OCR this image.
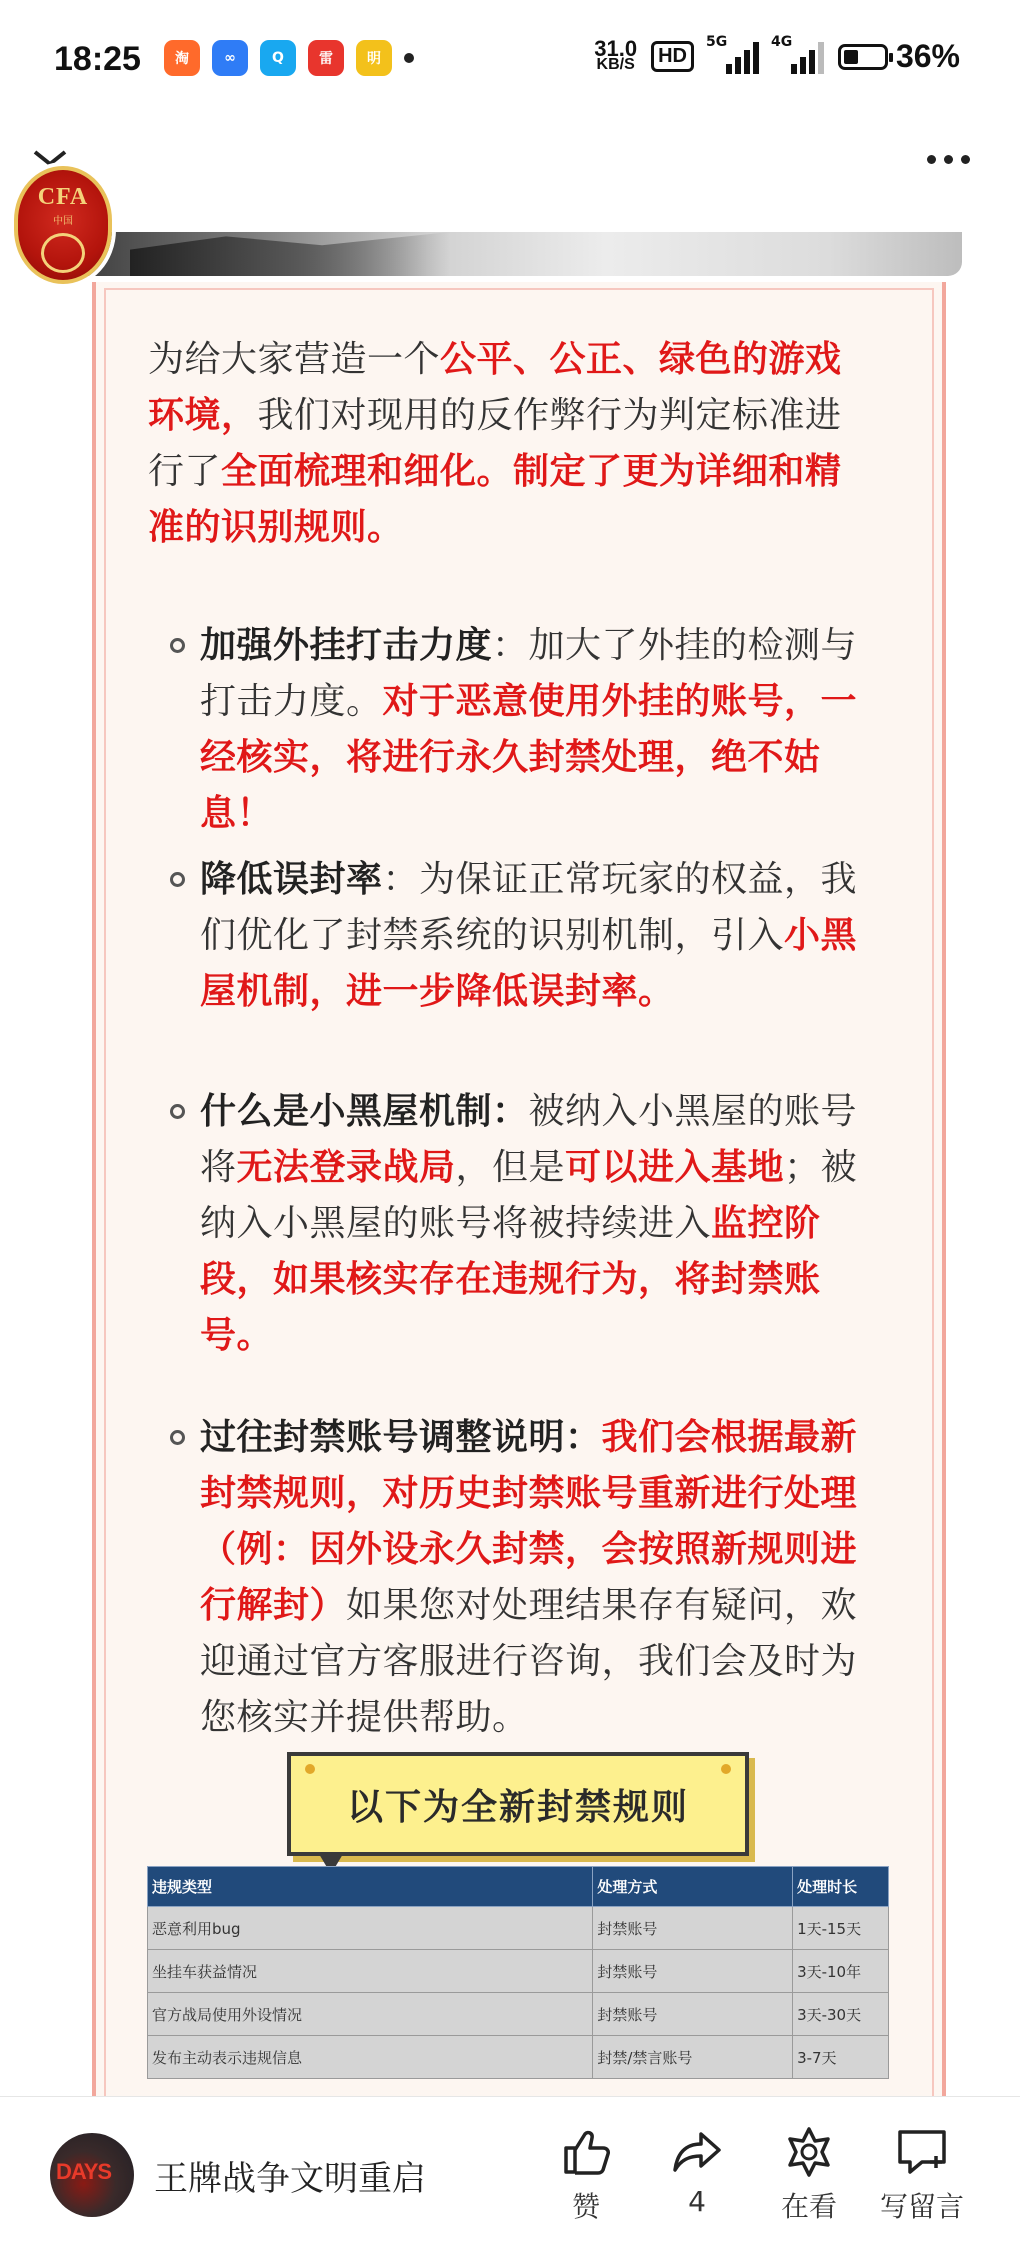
18:25	淘	∞	Q	雷	明	31.0
KB/S	HD
5G	4G	36%
CFA
中国
为给大家营造一个公平、公正、绿色的游戏环境，我们对现用的反作弊行为判定标准进行了全面梳理和细化。制定了更为详细和精准的识别规则。
加强外挂打击力度：加大了外挂的检测与打击力度。对于恶意使用外挂的账号，一经核实，将进行永久封禁处理，绝不姑息！
降低误封率：为保证正常玩家的权益，我们优化了封禁系统的识别机制，引入小黑屋机制，进一步降低误封率。
什么是小黑屋机制：被纳入小黑屋的账号将无法登录战局，但是可以进入基地；被纳入小黑屋的账号将被持续进入监控阶段，如果核实存在违规行为，将封禁账号。
过往封禁账号调整说明：我们会根据最新封禁规则，对历史封禁账号重新进行处理（例：因外设永久封禁，会按照新规则进行解封）如果您对处理结果存有疑问，欢迎通过官方客服进行咨询，我们会及时为您核实并提供帮助。
以下为全新封禁规则
违规类型	处理方式	处理时长
恶意利用bug	封禁账号	1天-15天
坐挂车获益情况	封禁账号	3天-10年
官方战局使用外设情况	封禁账号	3天-30天
发布主动表示违规信息	封禁/禁言账号	3-7天
DAYS 王牌战争文明重启
赞	4	在看	写留言
